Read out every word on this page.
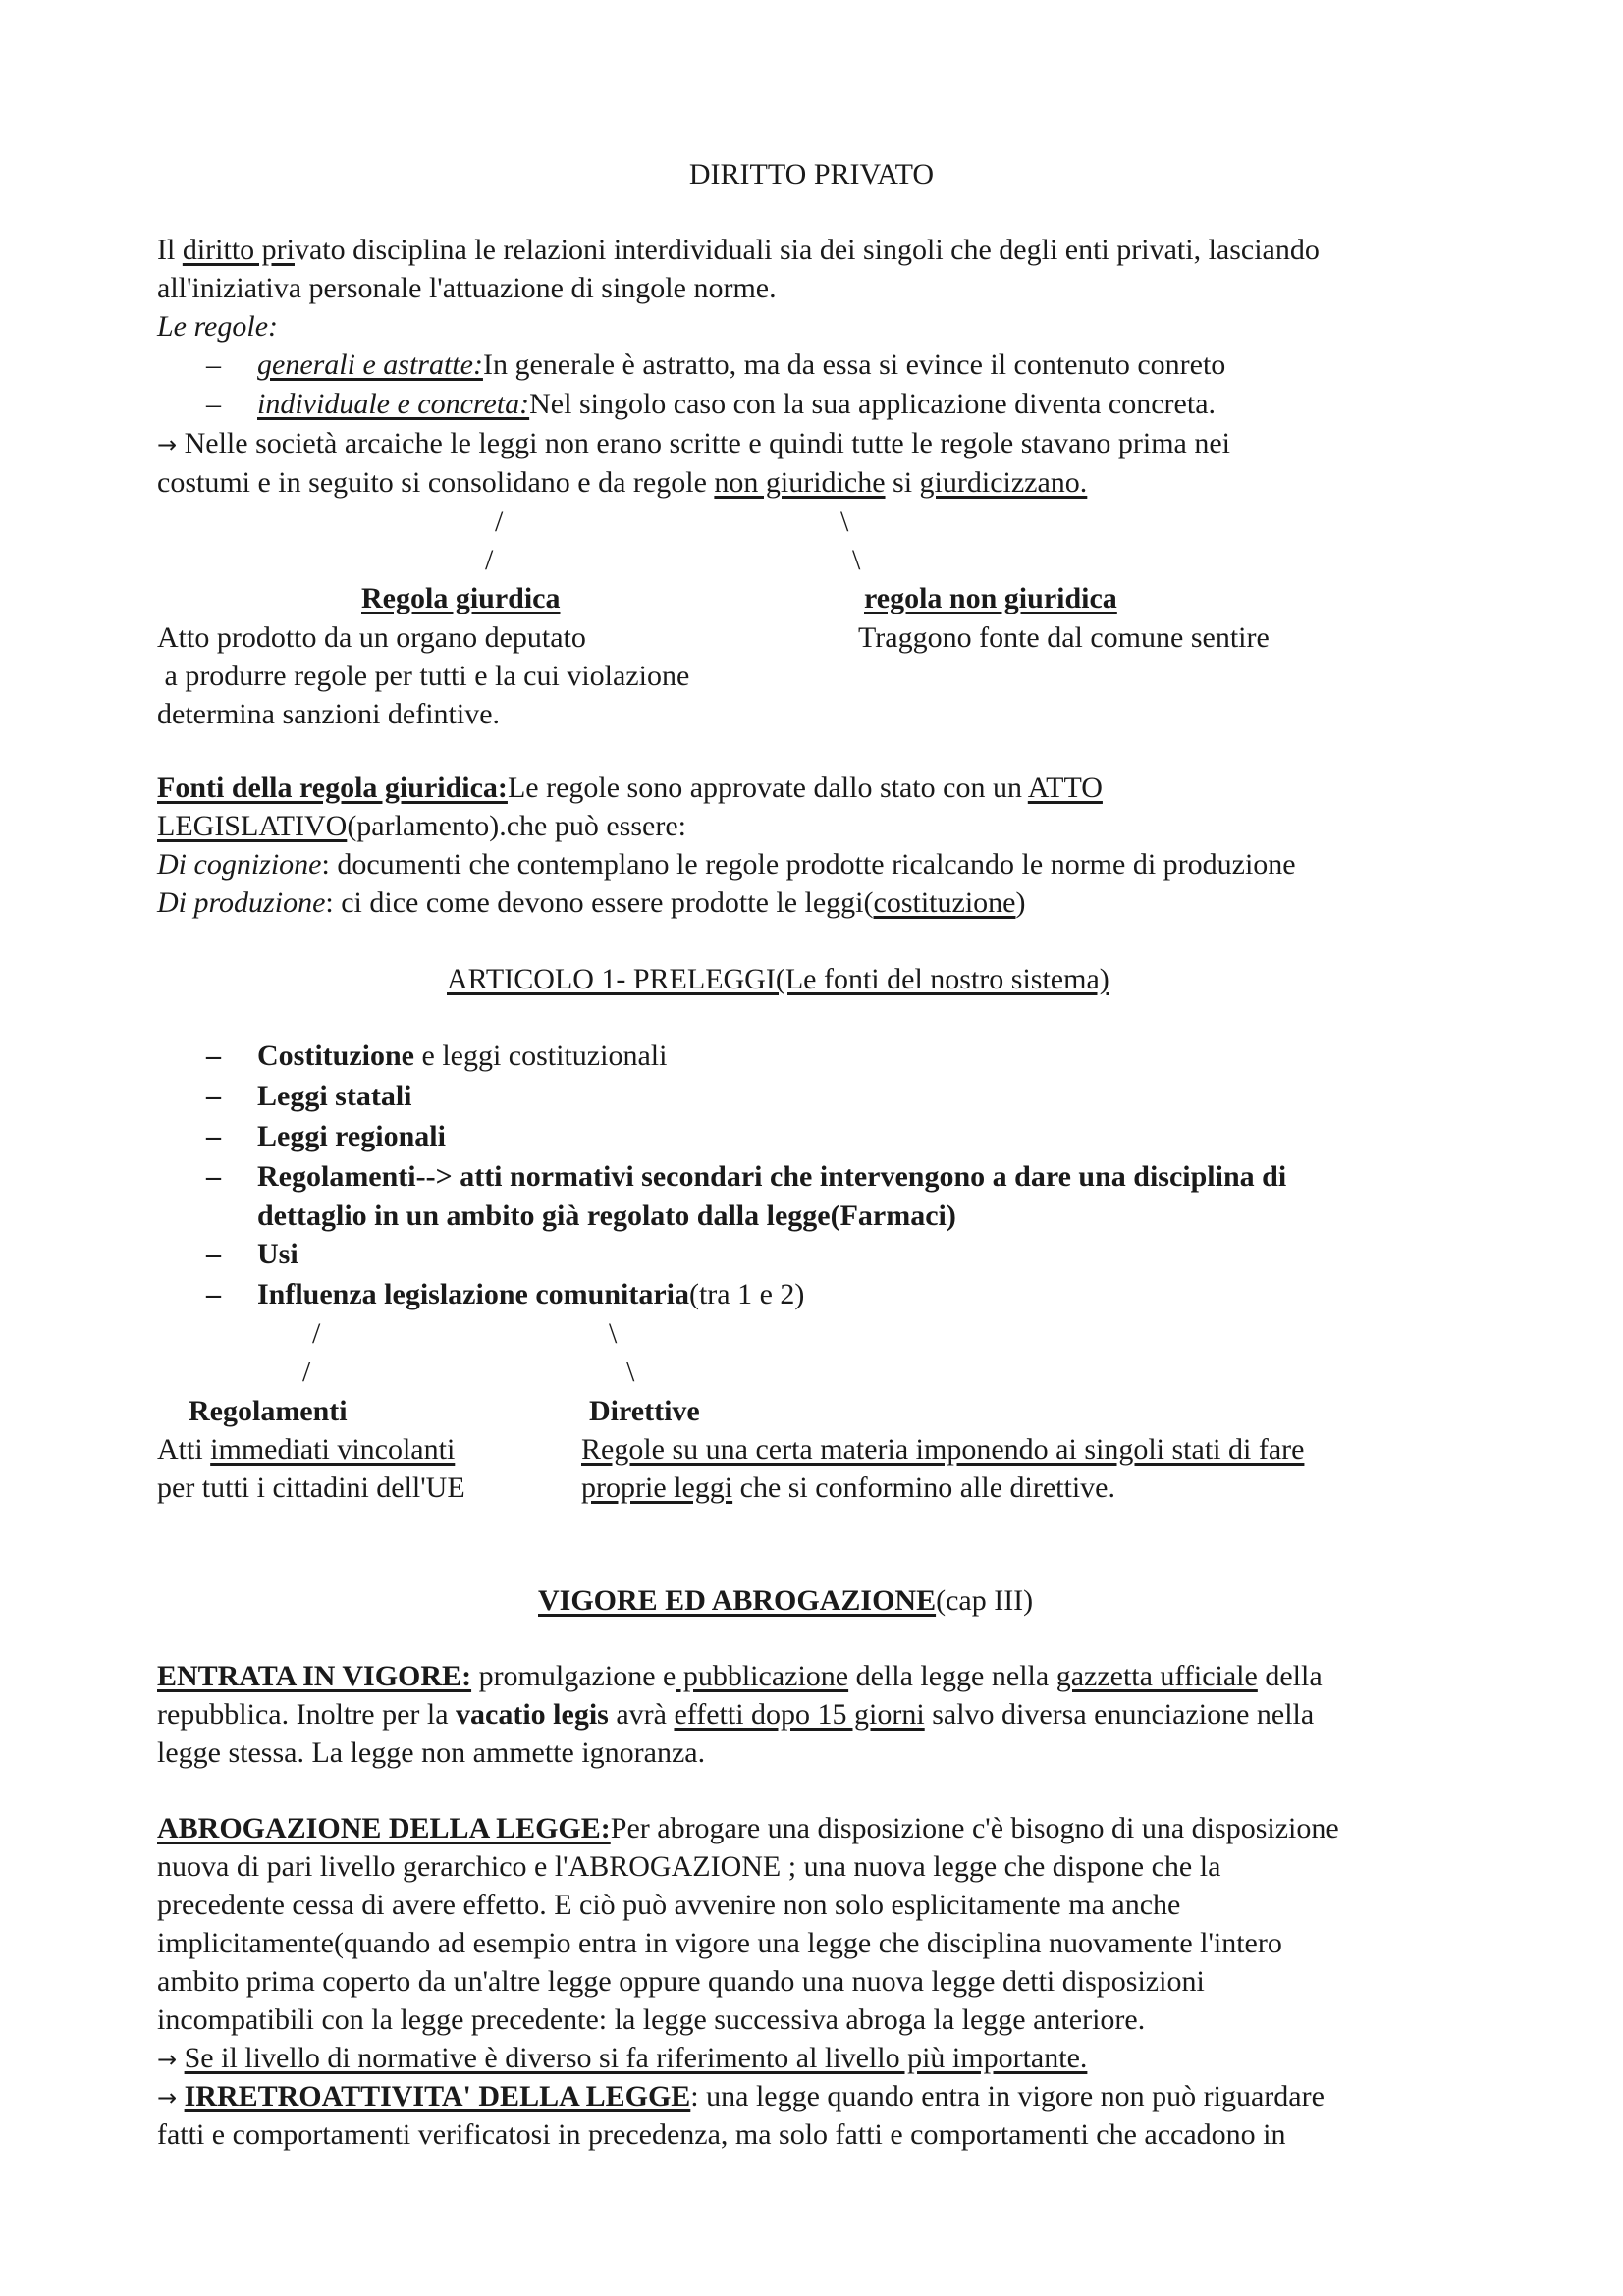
DIRITTO PRIVATO
Il diritto privato disciplina le relazioni interdividuali sia dei singoli che degli enti privati, lasciando
all'iniziativa personale l'attuazione di singole norme.
Le regole:
– generali e astratte:In generale è astratto, ma da essa si evince il contenuto conreto
– individuale e concreta:Nel singolo caso con la sua applicazione diventa concreta.
→ Nelle società arcaiche le leggi non erano scritte e quindi tutte le regole stavano prima nei
costumi e in seguito si consolidano e da regole non giuridiche si giurdicizzano.
/	\
/	\
Regola giurdica	regola non giuridica
Atto prodotto da un organo deputato	Traggono fonte dal comune sentire
a produrre regole per tutti e la cui violazione
determina sanzioni defintive.
Fonti della regola giuridica:Le regole sono approvate dallo stato con un ATTO
LEGISLATIVO(parlamento).che può essere:
Di cognizione: documenti che contemplano le regole prodotte ricalcando le norme di produzione
Di produzione: ci dice come devono essere prodotte le leggi(costituzione)
ARTICOLO 1- PRELEGGI(Le fonti del nostro sistema)
– Costituzione e leggi costituzionali
– Leggi statali
– Leggi regionali
– Regolamenti--> atti normativi secondari che intervengono a dare una disciplina di
dettaglio in un ambito già regolato dalla legge(Farmaci)
– Usi
– Influenza legislazione comunitaria(tra 1 e 2)
/	\
/	\
Regolamenti	Direttive
Atti immediati vincolanti	Regole su una certa materia imponendo ai singoli stati di fare
per tutti i cittadini dell'UE	proprie leggi che si conformino alle direttive.
VIGORE ED ABROGAZIONE(cap III)
ENTRATA IN VIGORE: promulgazione e pubblicazione della legge nella gazzetta ufficiale della
repubblica. Inoltre per la vacatio legis avrà effetti dopo 15 giorni salvo diversa enunciazione nella
legge stessa. La legge non ammette ignoranza.
ABROGAZIONE DELLA LEGGE:Per abrogare una disposizione c'è bisogno di una disposizione
nuova di pari livello gerarchico e l'ABROGAZIONE ; una nuova legge che dispone che la
precedente cessa di avere effetto. E ciò può avvenire non solo esplicitamente ma anche
implicitamente(quando ad esempio entra in vigore una legge che disciplina nuovamente l'intero
ambito prima coperto da un'altre legge oppure quando una nuova legge detti disposizioni
incompatibili con la legge precedente: la legge successiva abroga la legge anteriore.
→ Se il livello di normative è diverso si fa riferimento al livello più importante.
→ IRRETROATTIVITA' DELLA LEGGE: una legge quando entra in vigore non può riguardare
fatti e comportamenti verificatosi in precedenza, ma solo fatti e comportamenti che accadono in
